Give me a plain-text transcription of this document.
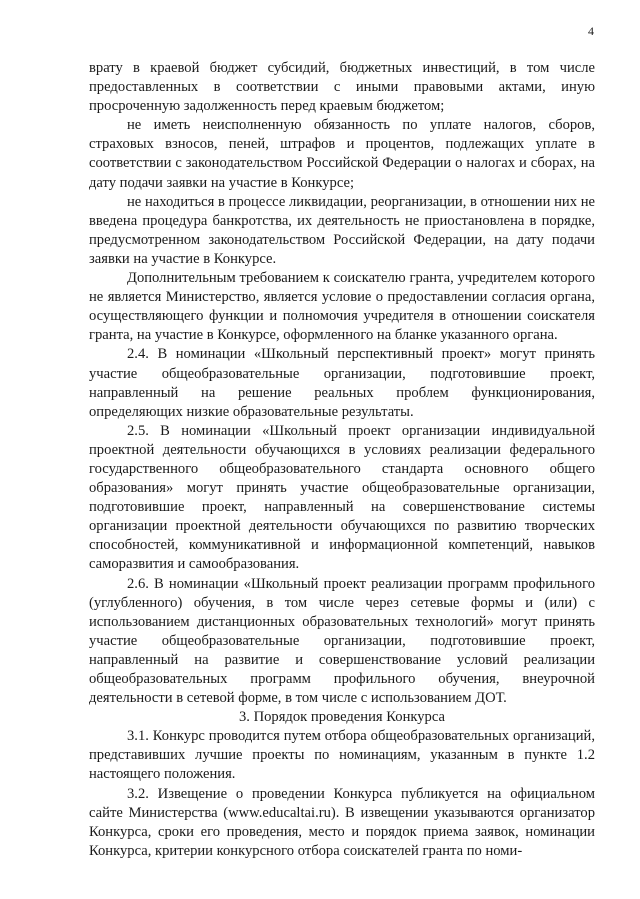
4

врату в краевой бюджет субсидий, бюджетных инвестиций, в том числе предоставленных в соответствии с иными правовыми актами, иную просроченную задолженность перед краевым бюджетом;

не иметь неисполненную обязанность по уплате налогов, сборов, страховых взносов, пеней, штрафов и процентов, подлежащих уплате в соответствии с законодательством Российской Федерации о налогах и сборах, на дату подачи заявки на участие в Конкурсе;

не находиться в процессе ликвидации, реорганизации, в отношении них не введена процедура банкротства, их деятельность не приостановлена в порядке, предусмотренном законодательством Российской Федерации, на дату подачи заявки на участие в Конкурсе.

Дополнительным требованием к соискателю гранта, учредителем которого не является Министерство, является условие о предоставлении согласия органа, осуществляющего функции и полномочия учредителя в отношении соискателя гранта, на участие в Конкурсе, оформленного на бланке указанного органа.

2.4. В номинации «Школьный перспективный проект» могут принять участие общеобразовательные организации, подготовившие проект, направленный на решение реальных проблем функционирования, определяющих низкие образовательные результаты.

2.5. В номинации «Школьный проект организации индивидуальной проектной деятельности обучающихся в условиях реализации федерального государственного общеобразовательного стандарта основного общего образования» могут принять участие общеобразовательные организации, подготовившие проект, направленный на совершенствование системы организации проектной деятельности обучающихся по развитию творческих способностей, коммуникативной и информационной компетенций, навыков саморазвития и самообразования.

2.6. В номинации «Школьный проект реализации программ профильного (углубленного) обучения, в том числе через сетевые формы и (или) с использованием дистанционных образовательных технологий» могут принять участие общеобразовательные организации, подготовившие проект, направленный на развитие и совершенствование условий реализации общеобразовательных программ профильного обучения, внеурочной деятельности в сетевой форме, в том числе с использованием ДОТ.

3. Порядок проведения Конкурса

3.1. Конкурс проводится путем отбора общеобразовательных организаций, представивших лучшие проекты по номинациям, указанным в пункте 1.2 настоящего положения.

3.2. Извещение о проведении Конкурса публикуется на официальном сайте Министерства (www.educaltai.ru). В извещении указываются организатор Конкурса, сроки его проведения, место и порядок приема заявок, номинации Конкурса, критерии конкурсного отбора соискателей гранта по номи-
